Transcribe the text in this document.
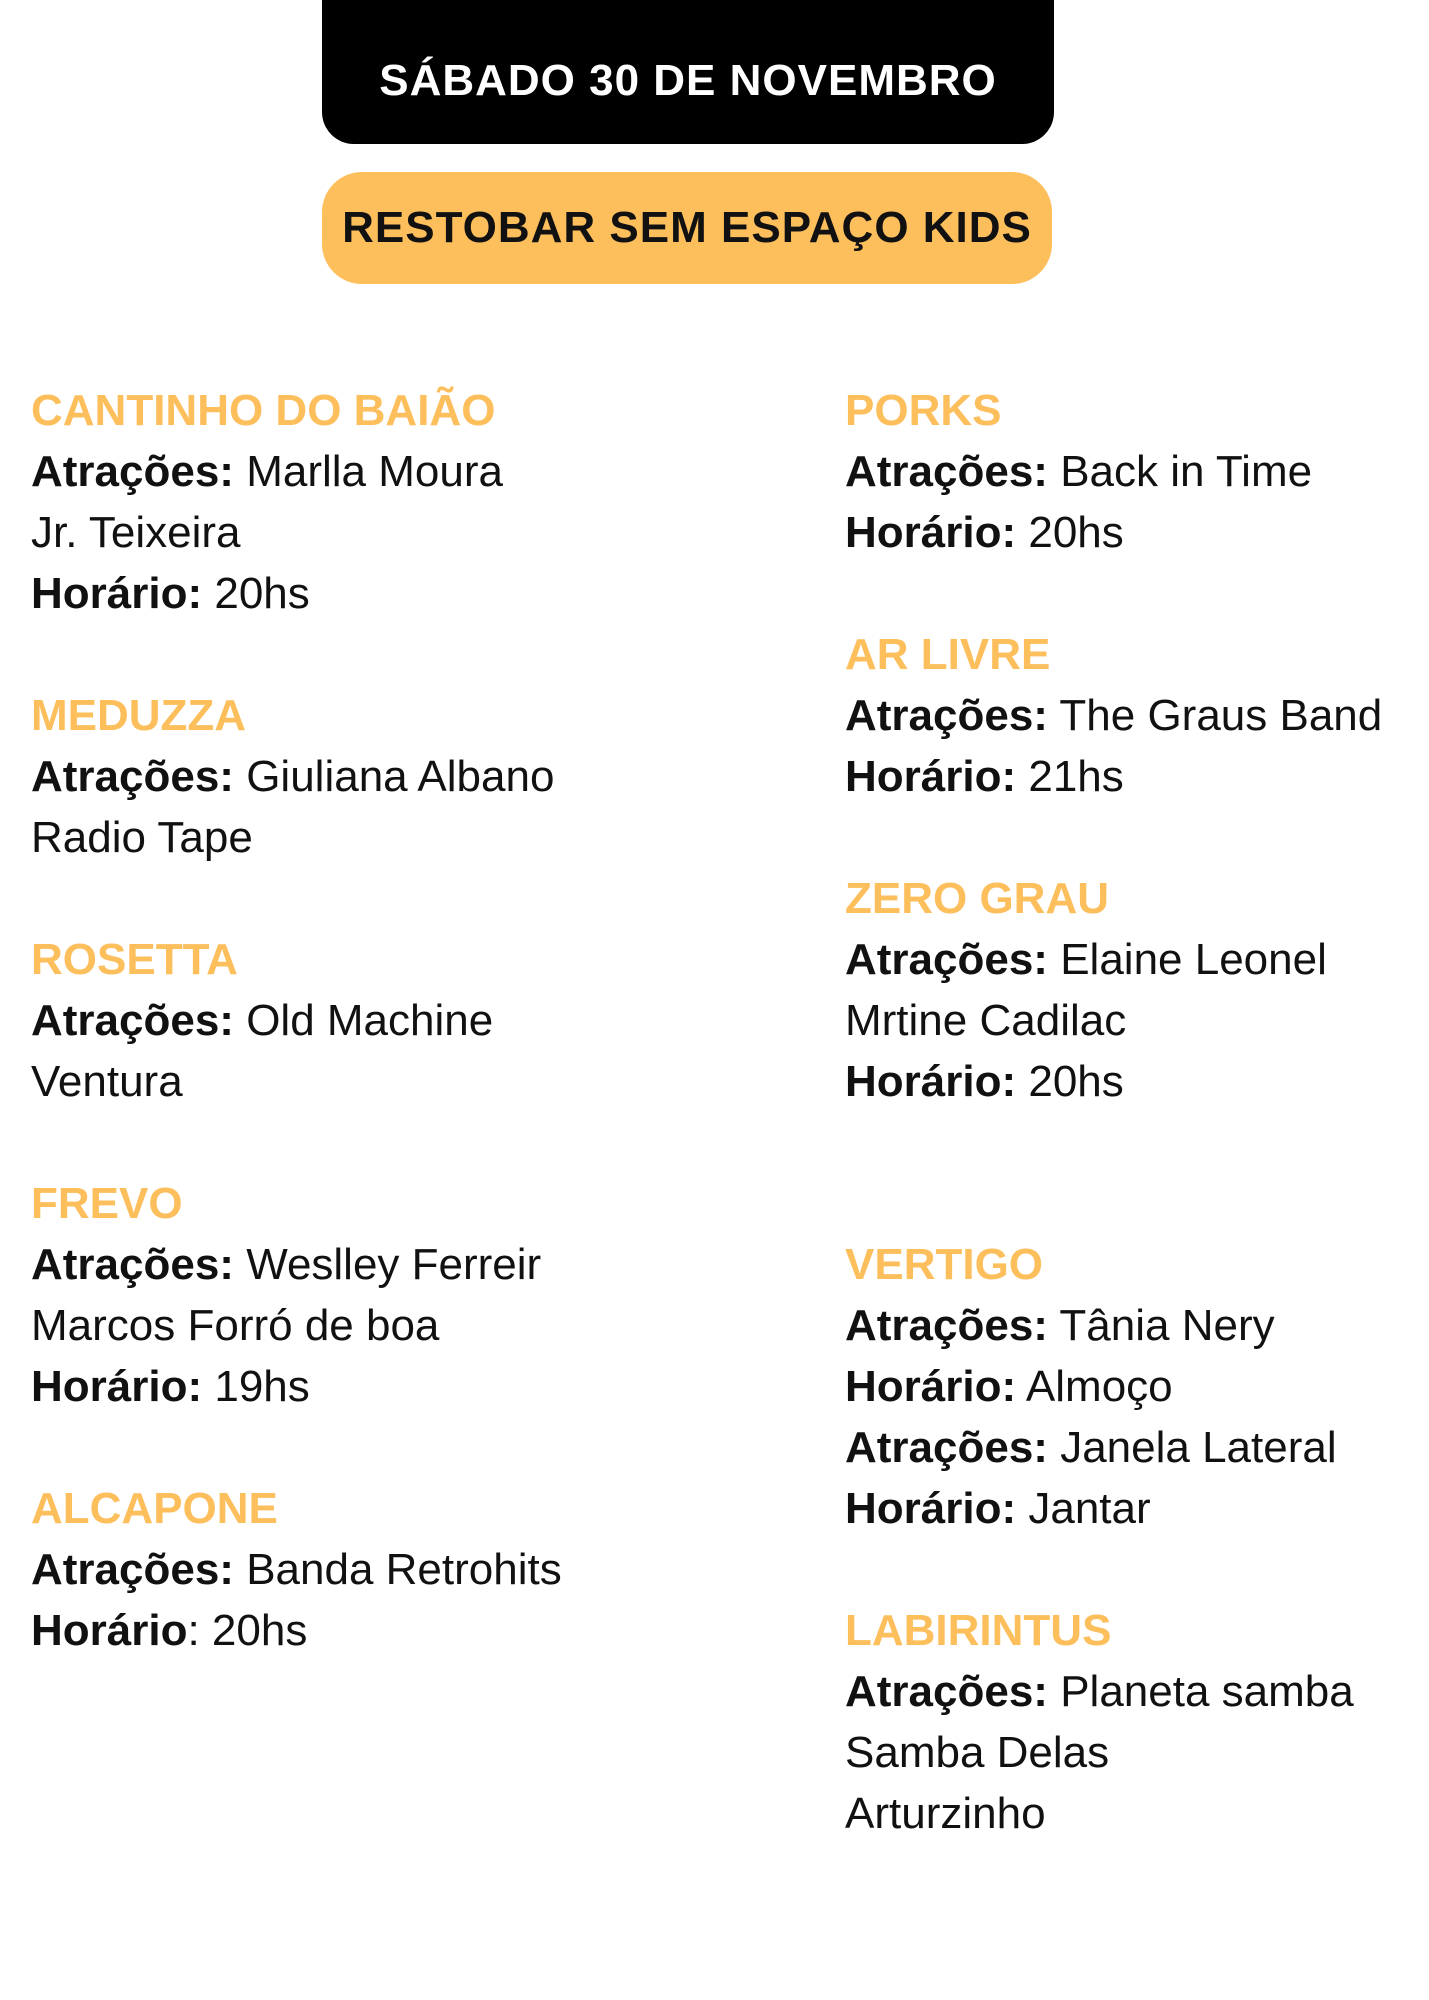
SÁBADO 30 DE NOVEMBRO
RESTOBAR SEM ESPAÇO KIDS
CANTINHO DO BAIÃO
Atrações: Marlla Moura
Jr. Teixeira
Horário: 20hs
MEDUZZA
Atrações: Giuliana Albano
Radio Tape
ROSETTA
Atrações: Old Machine
Ventura
FREVO
Atrações: Weslley Ferreir
Marcos Forró de boa
Horário: 19hs
ALCAPONE
Atrações: Banda Retrohits
Horário: 20hs
PORKS
Atrações: Back in Time
Horário: 20hs
AR LIVRE
Atrações: The Graus Band
Horário: 21hs
ZERO GRAU
Atrações: Elaine Leonel
Mrtine Cadilac
Horário: 20hs
VERTIGO
Atrações: Tânia Nery
Horário: Almoço
Atrações: Janela Lateral
Horário: Jantar
LABIRINTUS
Atrações: Planeta samba
Samba Delas
Arturzinho
